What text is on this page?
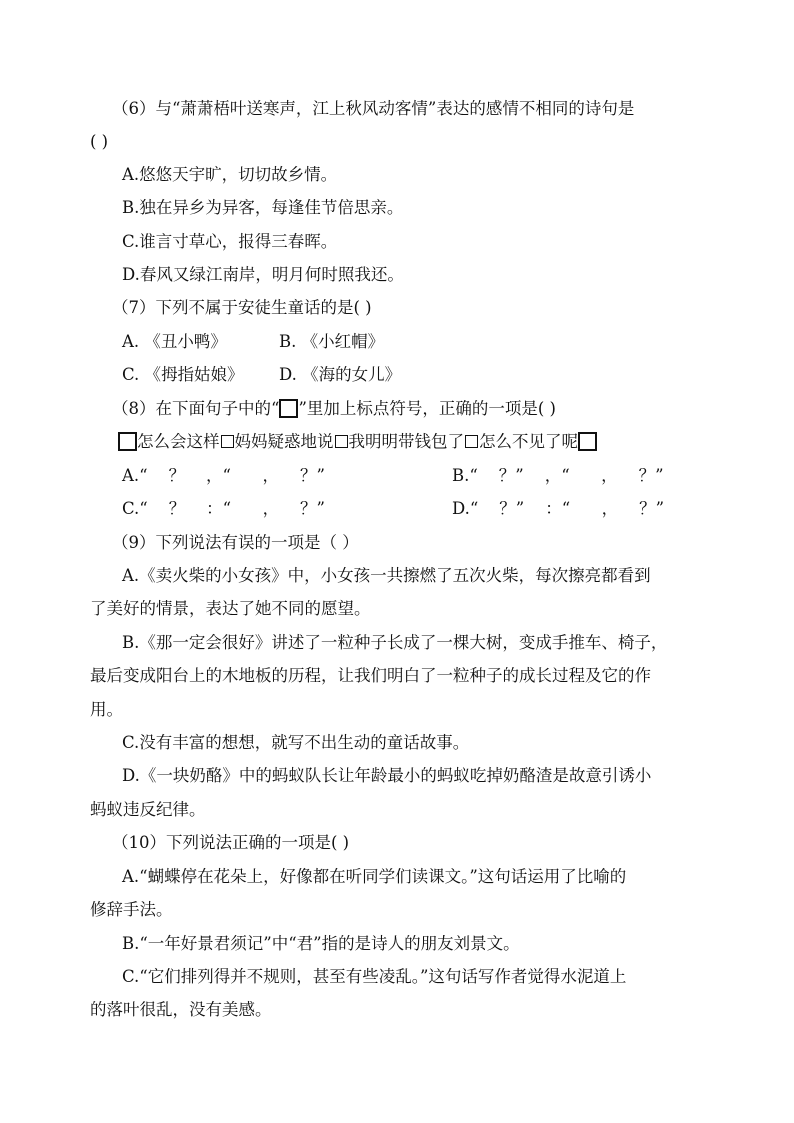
（6）与“萧萧梧叶送寒声，江上秋风动客情”表达的感情不相同的诗句是
( )
A.悠悠天宇旷，切切故乡情。
B.独在异乡为异客，每逢佳节倍思亲。
C.谁言寸草心，报得三春晖。
D.春风又绿江南岸，明月何时照我还。
（7）下列不属于安徒生童话的是( )
A. 《丑小鸭》	B. 《小红帽》
C. 《拇指姑娘》 D. 《海的女儿》
（8）在下面句子中的“ ”里加上标点符号，正确的一项是( )
怎么会这样 妈妈疑惑地说 我明明带钱包了 怎么不见了呢
A.“    ？    ，“      ，    ？”	B.“    ？”    ，“      ，    ？”
C.“    ？    ：“      ，    ？”	D.“    ？”    ：“      ，    ？”
（9）下列说法有误的一项是（ ）
A.《卖火柴的小女孩》中，小女孩一共擦燃了五次火柴，每次擦亮都看到
了美好的情景，表达了她不同的愿望。
B.《那一定会很好》讲述了一粒种子长成了一棵大树，变成手推车、椅子，
最后变成阳台上的木地板的历程，让我们明白了一粒种子的成长过程及它的作
用。
C.没有丰富的想想，就写不出生动的童话故事。
D.《一块奶酪》中的蚂蚁队长让年龄最小的蚂蚁吃掉奶酪渣是故意引诱小
蚂蚁违反纪律。
（10）下列说法正确的一项是( )
A.“蝴蝶停在花朵上，好像都在听同学们读课文。”这句话运用了比喻的
修辞手法。
B.“一年好景君须记”中“君”指的是诗人的朋友刘景文。
C.“它们排列得并不规则，甚至有些凌乱。”这句话写作者觉得水泥道上
的落叶很乱，没有美感。
